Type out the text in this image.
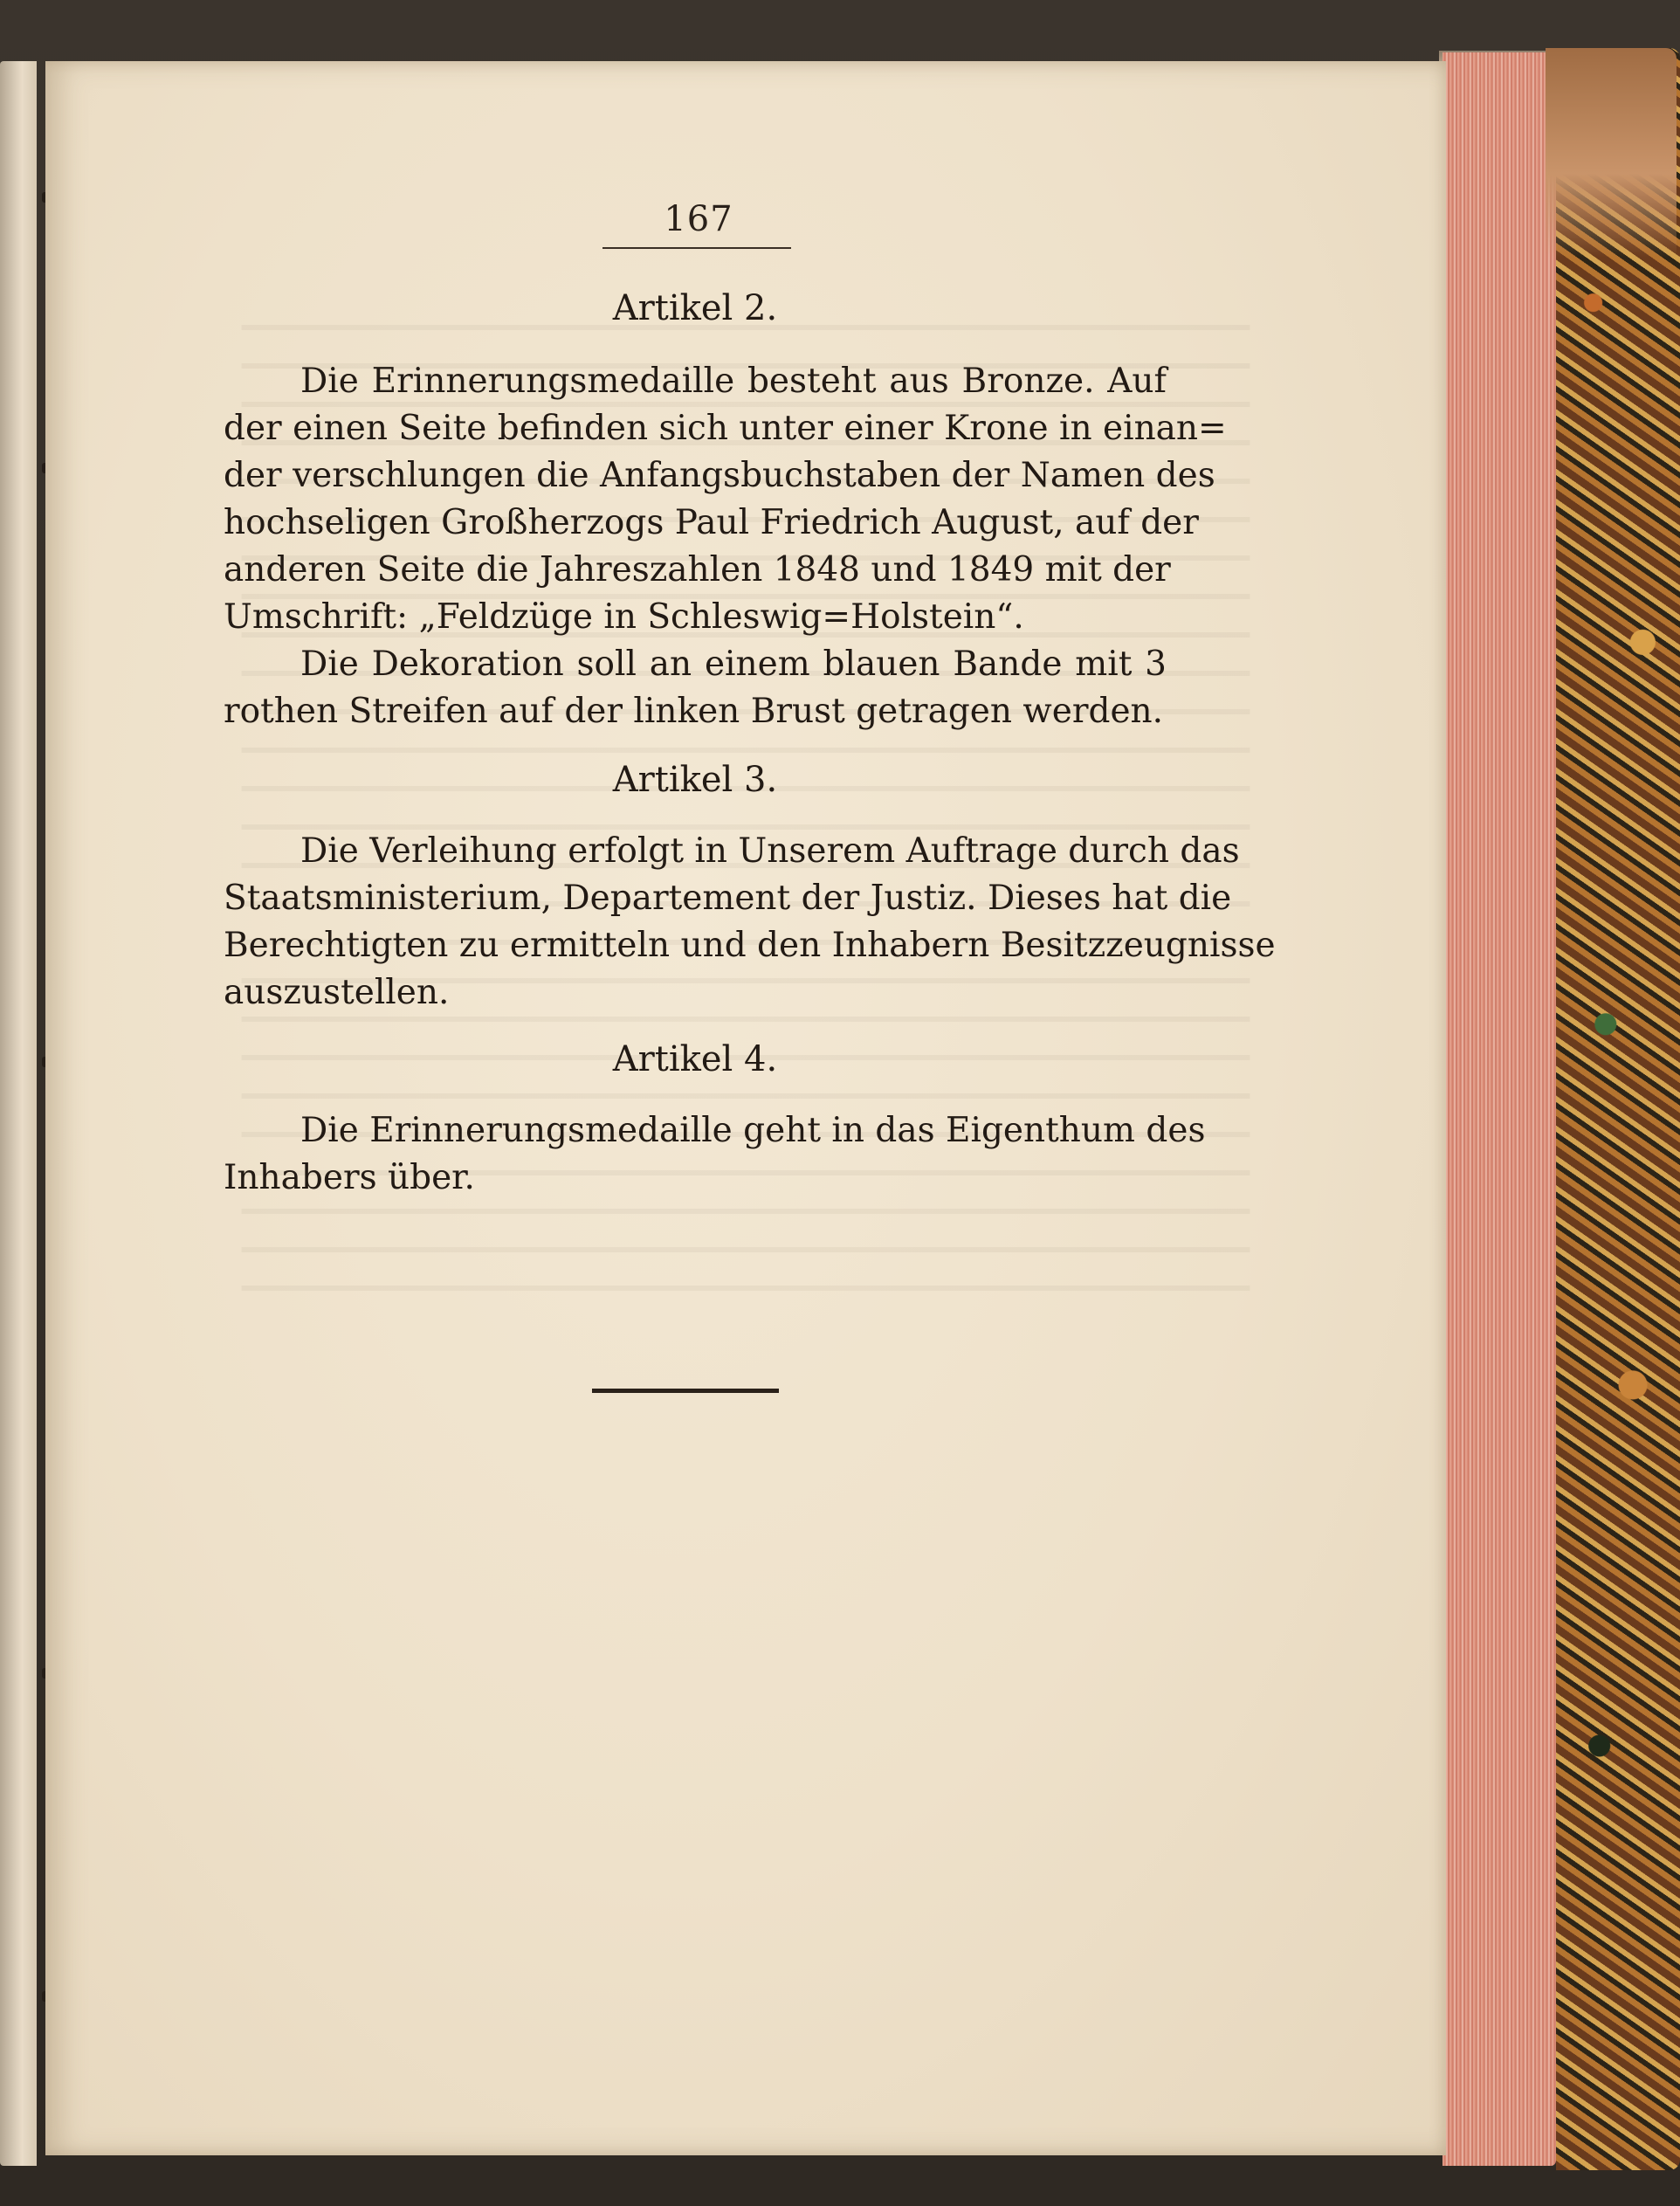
167
Artikel 2.
Die Erinnerungsmedaille besteht aus Bronze. Auf
der einen Seite befinden sich unter einer Krone in einan=
der verschlungen die Anfangsbuchstaben der Namen des
hochseligen Großherzogs Paul Friedrich August, auf der
anderen Seite die Jahreszahlen 1848 und 1849 mit der
Umschrift: „Feldzüge in Schleswig=Holstein“.
Die Dekoration soll an einem blauen Bande mit 3
rothen Streifen auf der linken Brust getragen werden.
Artikel 3.
Die Verleihung erfolgt in Unserem Auftrage durch das
Staatsministerium, Departement der Justiz. Dieses hat die
Berechtigten zu ermitteln und den Inhabern Besitzzeugnisse
auszustellen.
Artikel 4.
Die Erinnerungsmedaille geht in das Eigenthum des
Inhabers über.
